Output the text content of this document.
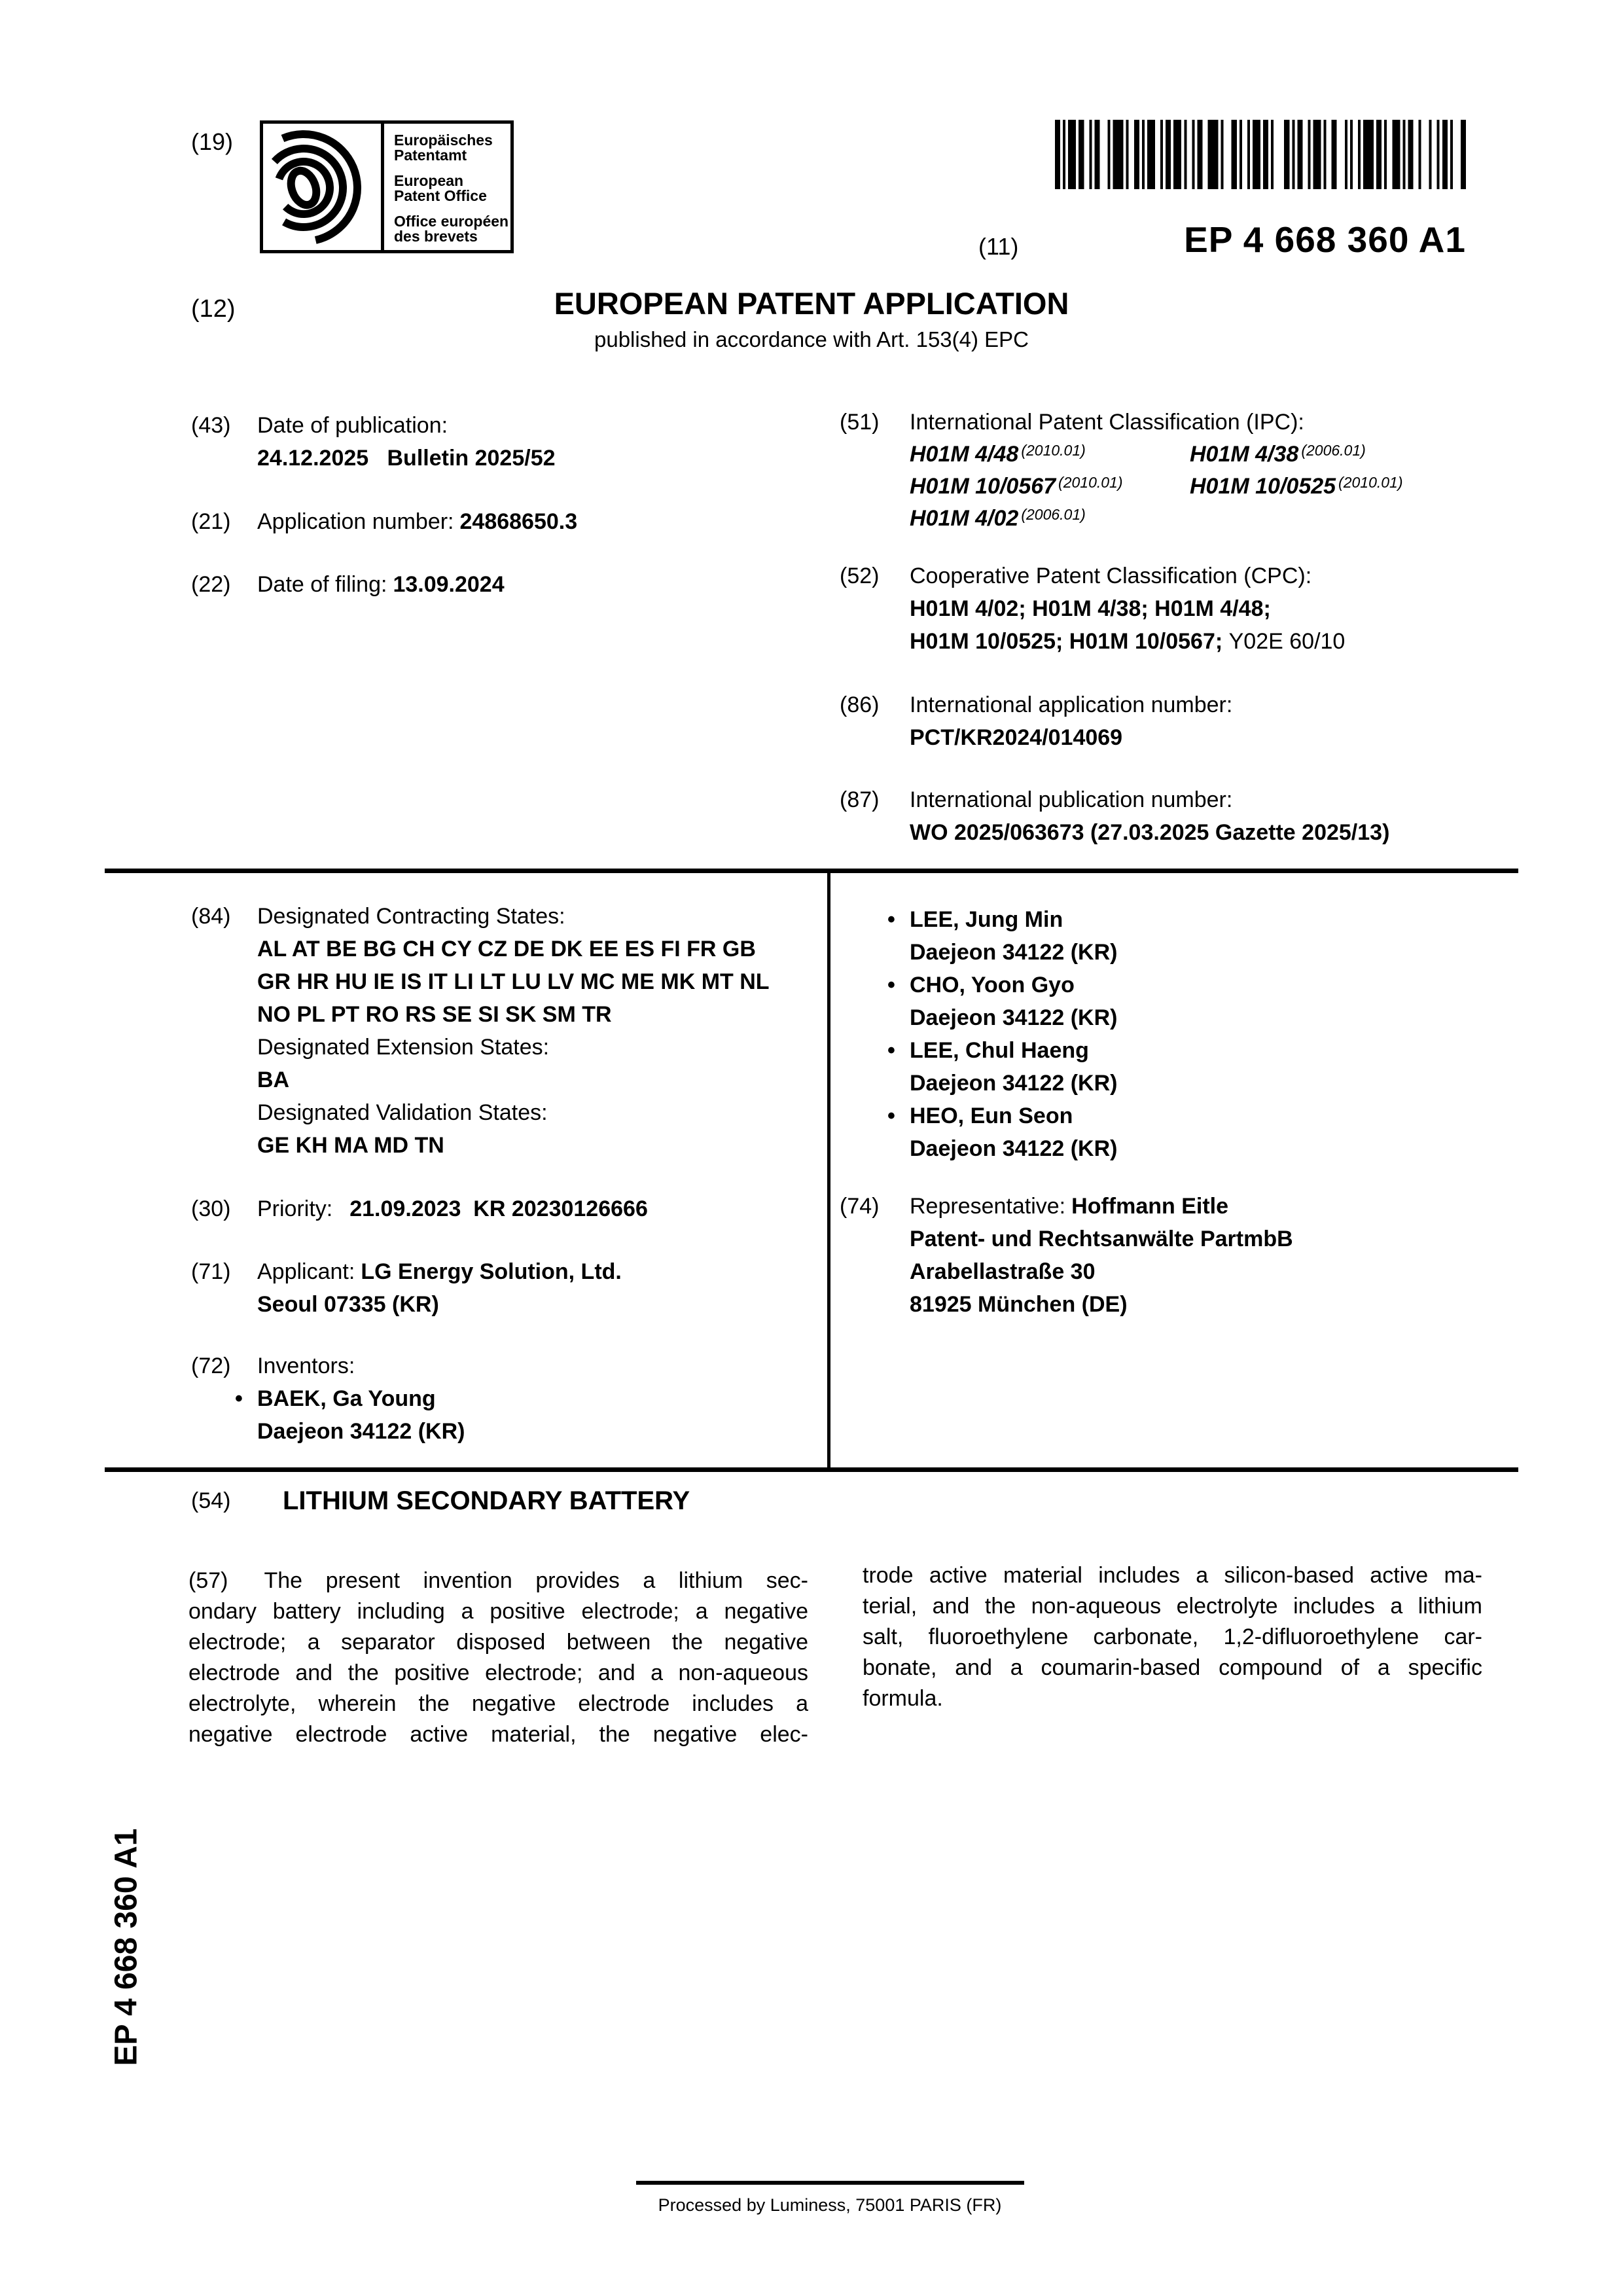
(19)	Europäisches
Patentamt
European
Patent Office
Office européen
des brevets	(11)	EP 4 668 360 A1
(12)	EUROPEAN PATENT APPLICATION
published in accordance with Art. 153(4) EPC
(43) Date of publication:
24.12.2025   Bulletin 2025/52
(21) Application number: 24868650.3
(22) Date of filing: 13.09.2024
(51) International Patent Classification (IPC):
H01M 4/48 $^{(2010.01)}$	H01M 4/38 $^{(2006.01)}$
H01M 10/0567 $^{(2010.01)}$	H01M 10/0525 $^{(2010.01)}$
H01M 4/02 $^{(2006.01)}$
(52) Cooperative Patent Classification (CPC):
H01M 4/02; H01M 4/38; H01M 4/48;
H01M 10/0525; H01M 10/0567; Y02E 60/10
(86) International application number:
PCT/KR2024/014069
(87) International publication number:
WO 2025/063673 (27.03.2025 Gazette 2025/13)
(84) Designated Contracting States:
AL AT BE BG CH CY CZ DE DK EE ES FI FR GB
GR HR HU IE IS IT LI LT LU LV MC ME MK MT NL
NO PL PT RO RS SE SI SK SM TR
Designated Extension States:
BA
Designated Validation States:
GE KH MA MD TN
(30) Priority: 21.09.2023  KR 20230126666
(71) Applicant: LG Energy Solution, Ltd.
Seoul 07335 (KR)
(72) Inventors:
• BAEK, Ga Young
Daejeon 34122 (KR)
• LEE, Jung Min
Daejeon 34122 (KR)
• CHO, Yoon Gyo
Daejeon 34122 (KR)
• LEE, Chul Haeng
Daejeon 34122 (KR)
• HEO, Eun Seon
Daejeon 34122 (KR)
(74) Representative: Hoffmann Eitle
Patent- und Rechtsanwälte PartmbB
Arabellastraße 30
81925 München (DE)
(54) LITHIUM SECONDARY BATTERY
(57) The present invention provides a lithium sec-
ondary battery including a positive electrode; a negative
electrode; a separator disposed between the negative
electrode and the positive electrode; and a non-aqueous
electrolyte, wherein the negative electrode includes a
negative electrode active material, the negative elec-
trode active material includes a silicon-based active ma-
terial, and the non-aqueous electrolyte includes a lithium
salt, fluoroethylene carbonate, 1,2-difluoroethylene car-
bonate, and a coumarin-based compound of a specific
formula.
EP 4 668 360 A1
Processed by Luminess, 75001 PARIS (FR)
